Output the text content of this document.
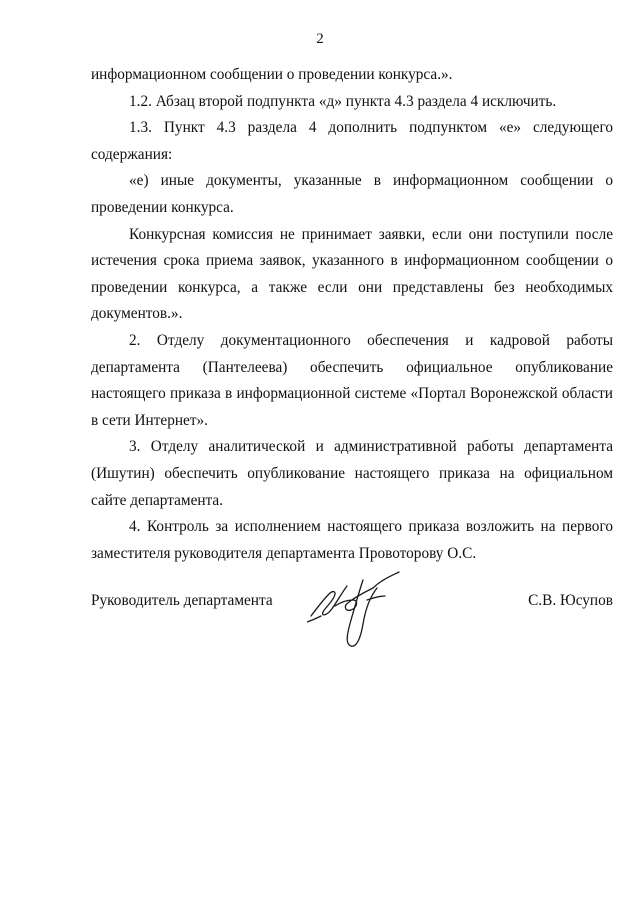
2

информационном сообщении о проведении конкурса.».

1.2. Абзац второй подпункта «д» пункта 4.3 раздела 4 исключить.

1.3. Пункт 4.3 раздела 4 дополнить подпунктом «е» следующего содержания:

«е) иные документы, указанные в информационном сообщении о проведении конкурса.

Конкурсная комиссия не принимает заявки, если они поступили после истечения срока приема заявок, указанного в информационном сообщении о проведении конкурса, а также если они представлены без необходимых документов.».

2. Отделу документационного обеспечения и кадровой работы департамента (Пантелеева) обеспечить официальное опубликование настоящего приказа в информационной системе «Портал Воронежской области в сети Интернет».

3. Отделу аналитической и административной работы департамента (Ишутин) обеспечить опубликование настоящего приказа на официальном сайте департамента.

4. Контроль за исполнением настоящего приказа возложить на первого заместителя руководителя департамента Провоторову О.С.

Руководитель департамента	С.В. Юсупов
